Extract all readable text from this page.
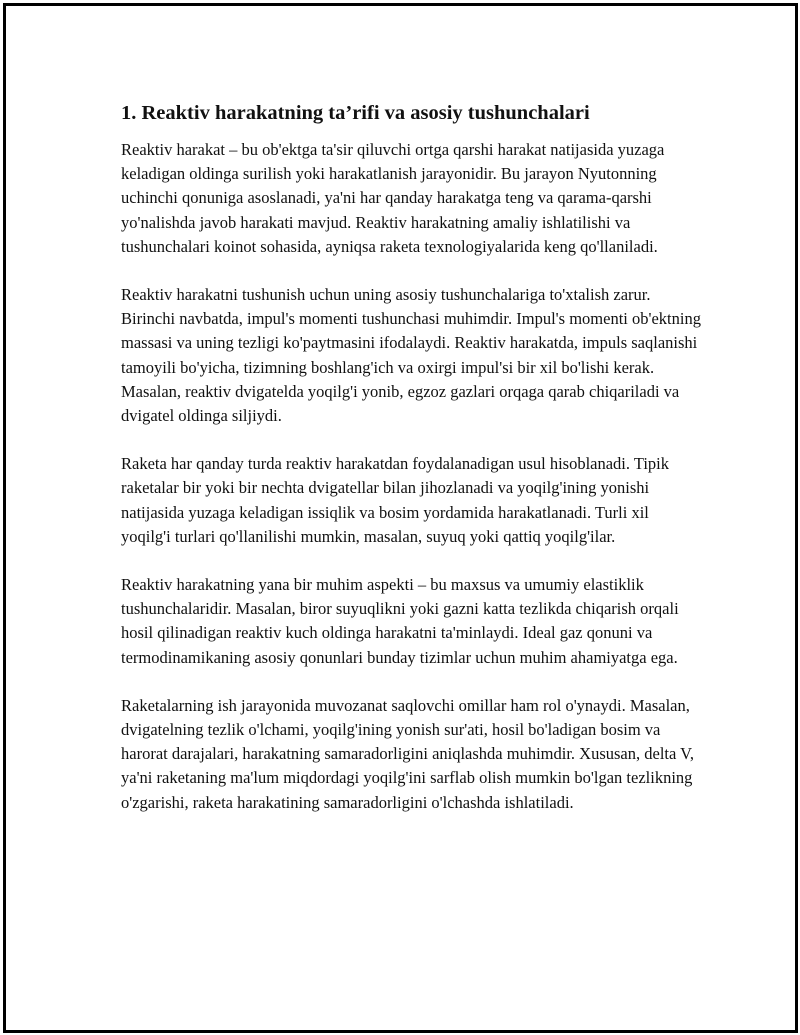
1. Reaktiv harakatning ta’rifi va asosiy tushunchalari

Reaktiv harakat – bu ob'ektga ta'sir qiluvchi ortga qarshi harakat natijasida yuzaga keladigan oldinga surilish yoki harakatlanish jarayonidir. Bu jarayon Nyutonning uchinchi qonuniga asoslanadi, ya'ni har qanday harakatga teng va qarama-qarshi yo'nalishda javob harakati mavjud. Reaktiv harakatning amaliy ishlatilishi va tushunchalari koinot sohasida, ayniqsa raketa texnologiyalarida keng qo'llaniladi.

Reaktiv harakatni tushunish uchun uning asosiy tushunchalariga to'xtalish zarur. Birinchi navbatda, impul's momenti tushunchasi muhimdir. Impul's momenti ob'ektning massasi va uning tezligi ko'paytmasini ifodalaydi. Reaktiv harakatda, impuls saqlanishi tamoyili bo'yicha, tizimning boshlang'ich va oxirgi impul'si bir xil bo'lishi kerak. Masalan, reaktiv dvigatelda yoqilg'i yonib, egzoz gazlari orqaga qarab chiqariladi va dvigatel oldinga siljiydi.

Raketa har qanday turda reaktiv harakatdan foydalanadigan usul hisoblanadi. Tipik raketalar bir yoki bir nechta dvigatellar bilan jihozlanadi va yoqilg'ining yonishi natijasida yuzaga keladigan issiqlik va bosim yordamida harakatlanadi. Turli xil yoqilg'i turlari qo'llanilishi mumkin, masalan, suyuq yoki qattiq yoqilg'ilar.

Reaktiv harakatning yana bir muhim aspekti – bu maxsus va umumiy elastiklik tushunchalaridir. Masalan, biror suyuqlikni yoki gazni katta tezlikda chiqarish orqali hosil qilinadigan reaktiv kuch oldinga harakatni ta'minlaydi. Ideal gaz qonuni va termodinamikaning asosiy qonunlari bunday tizimlar uchun muhim ahamiyatga ega.

Raketalarning ish jarayonida muvozanat saqlovchi omillar ham rol o'ynaydi. Masalan, dvigatelning tezlik o'lchami, yoqilg'ining yonish sur'ati, hosil bo'ladigan bosim va harorat darajalari, harakatning samaradorligini aniqlashda muhimdir. Xususan, delta V, ya'ni raketaning ma'lum miqdordagi yoqilg'ini sarflab olish mumkin bo'lgan tezlikning o'zgarishi, raketa harakatining samaradorligini o'lchashda ishlatiladi.
